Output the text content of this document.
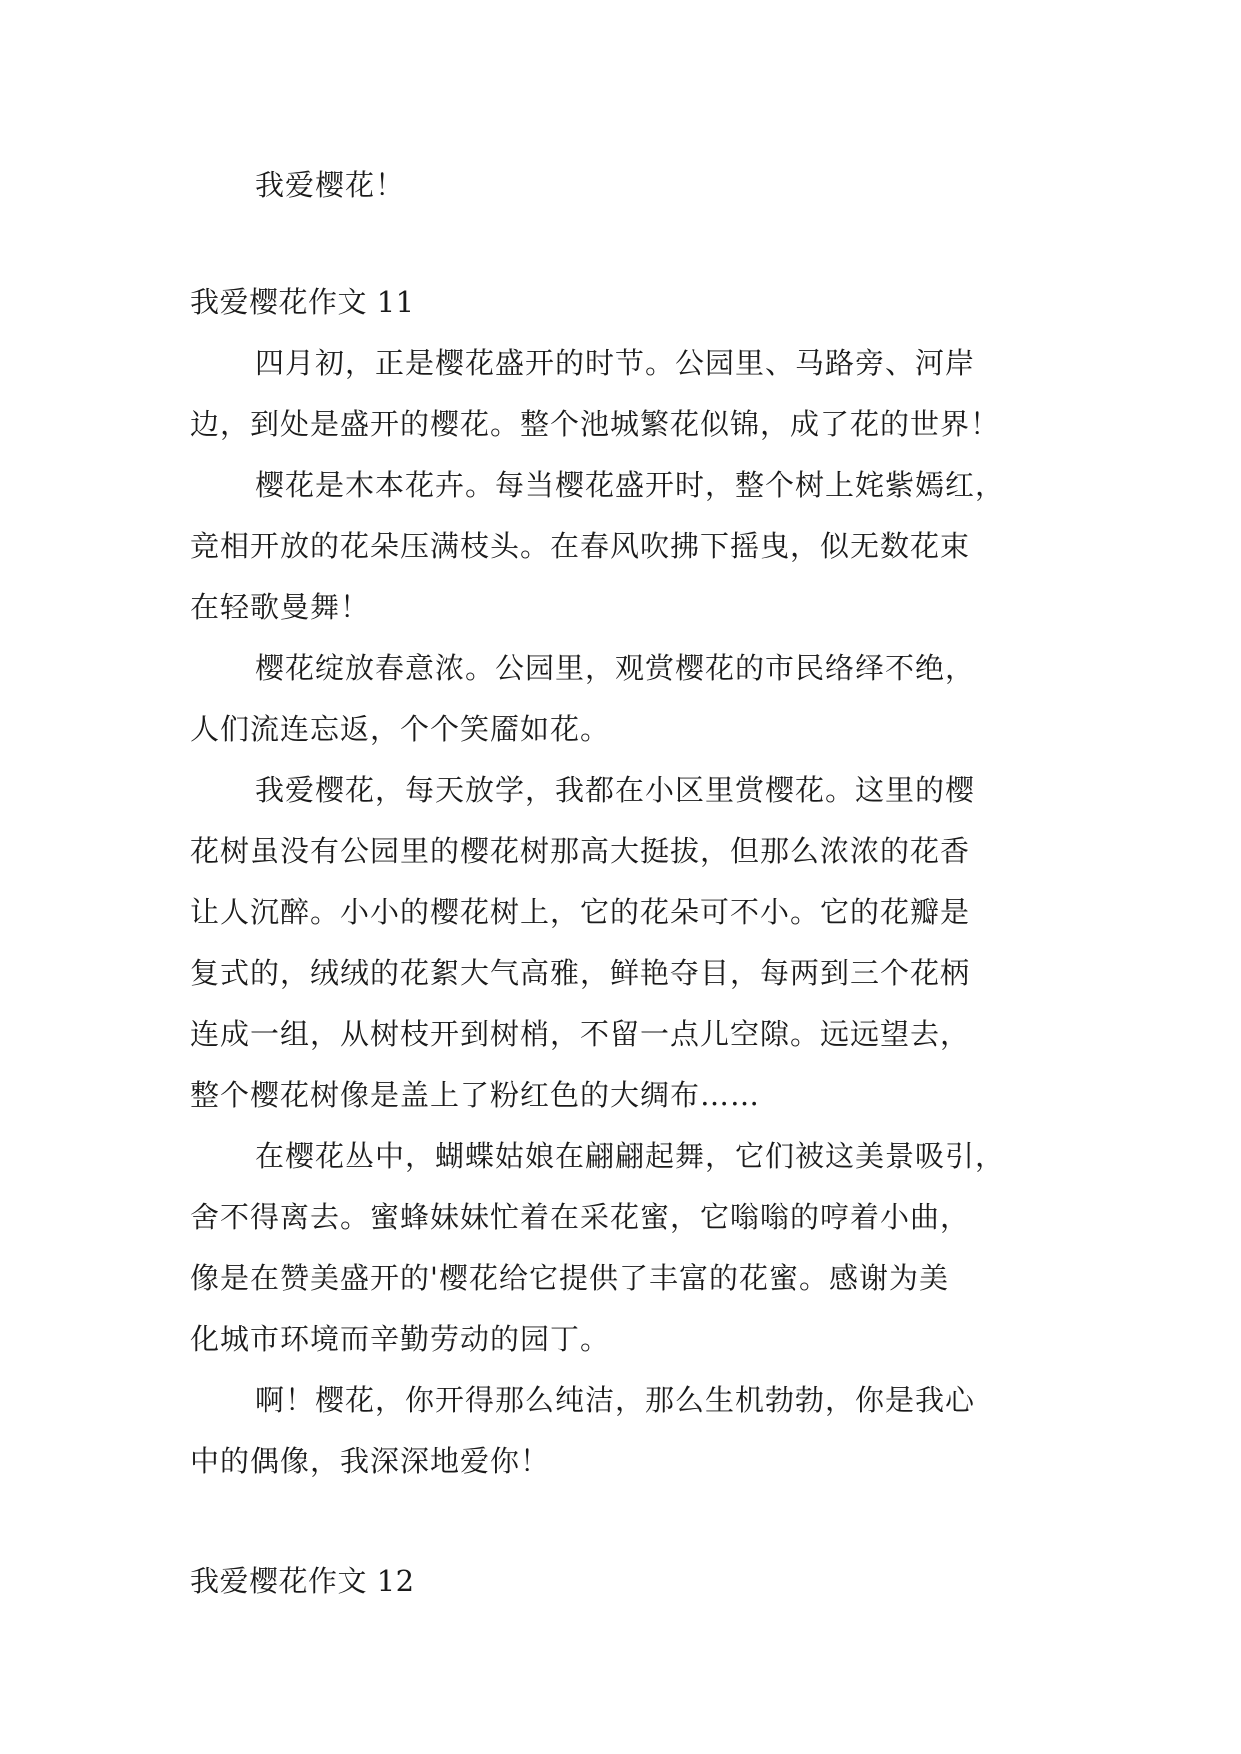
我爱樱花！
我爱樱花作文 11
四月初，正是樱花盛开的时节。公园里、马路旁、河岸
边，到处是盛开的樱花。整个池城繁花似锦，成了花的世界！
樱花是木本花卉。每当樱花盛开时，整个树上姹紫嫣红，
竞相开放的花朵压满枝头。在春风吹拂下摇曳，似无数花束
在轻歌曼舞！
樱花绽放春意浓。公园里，观赏樱花的市民络绎不绝，
人们流连忘返，个个笑靥如花。
我爱樱花，每天放学，我都在小区里赏樱花。这里的樱
花树虽没有公园里的樱花树那高大挺拔，但那么浓浓的花香
让人沉醉。小小的樱花树上，它的花朵可不小。它的花瓣是
复式的，绒绒的花絮大气高雅，鲜艳夺目，每两到三个花柄
连成一组，从树枝开到树梢，不留一点儿空隙。远远望去，
整个樱花树像是盖上了粉红色的大绸布……
在樱花丛中，蝴蝶姑娘在翩翩起舞，它们被这美景吸引，
舍不得离去。蜜蜂妹妹忙着在采花蜜，它嗡嗡的哼着小曲，
像是在赞美盛开的'樱花给它提供了丰富的花蜜。感谢为美
化城市环境而辛勤劳动的园丁。
啊！樱花，你开得那么纯洁，那么生机勃勃，你是我心
中的偶像，我深深地爱你！
我爱樱花作文 12
